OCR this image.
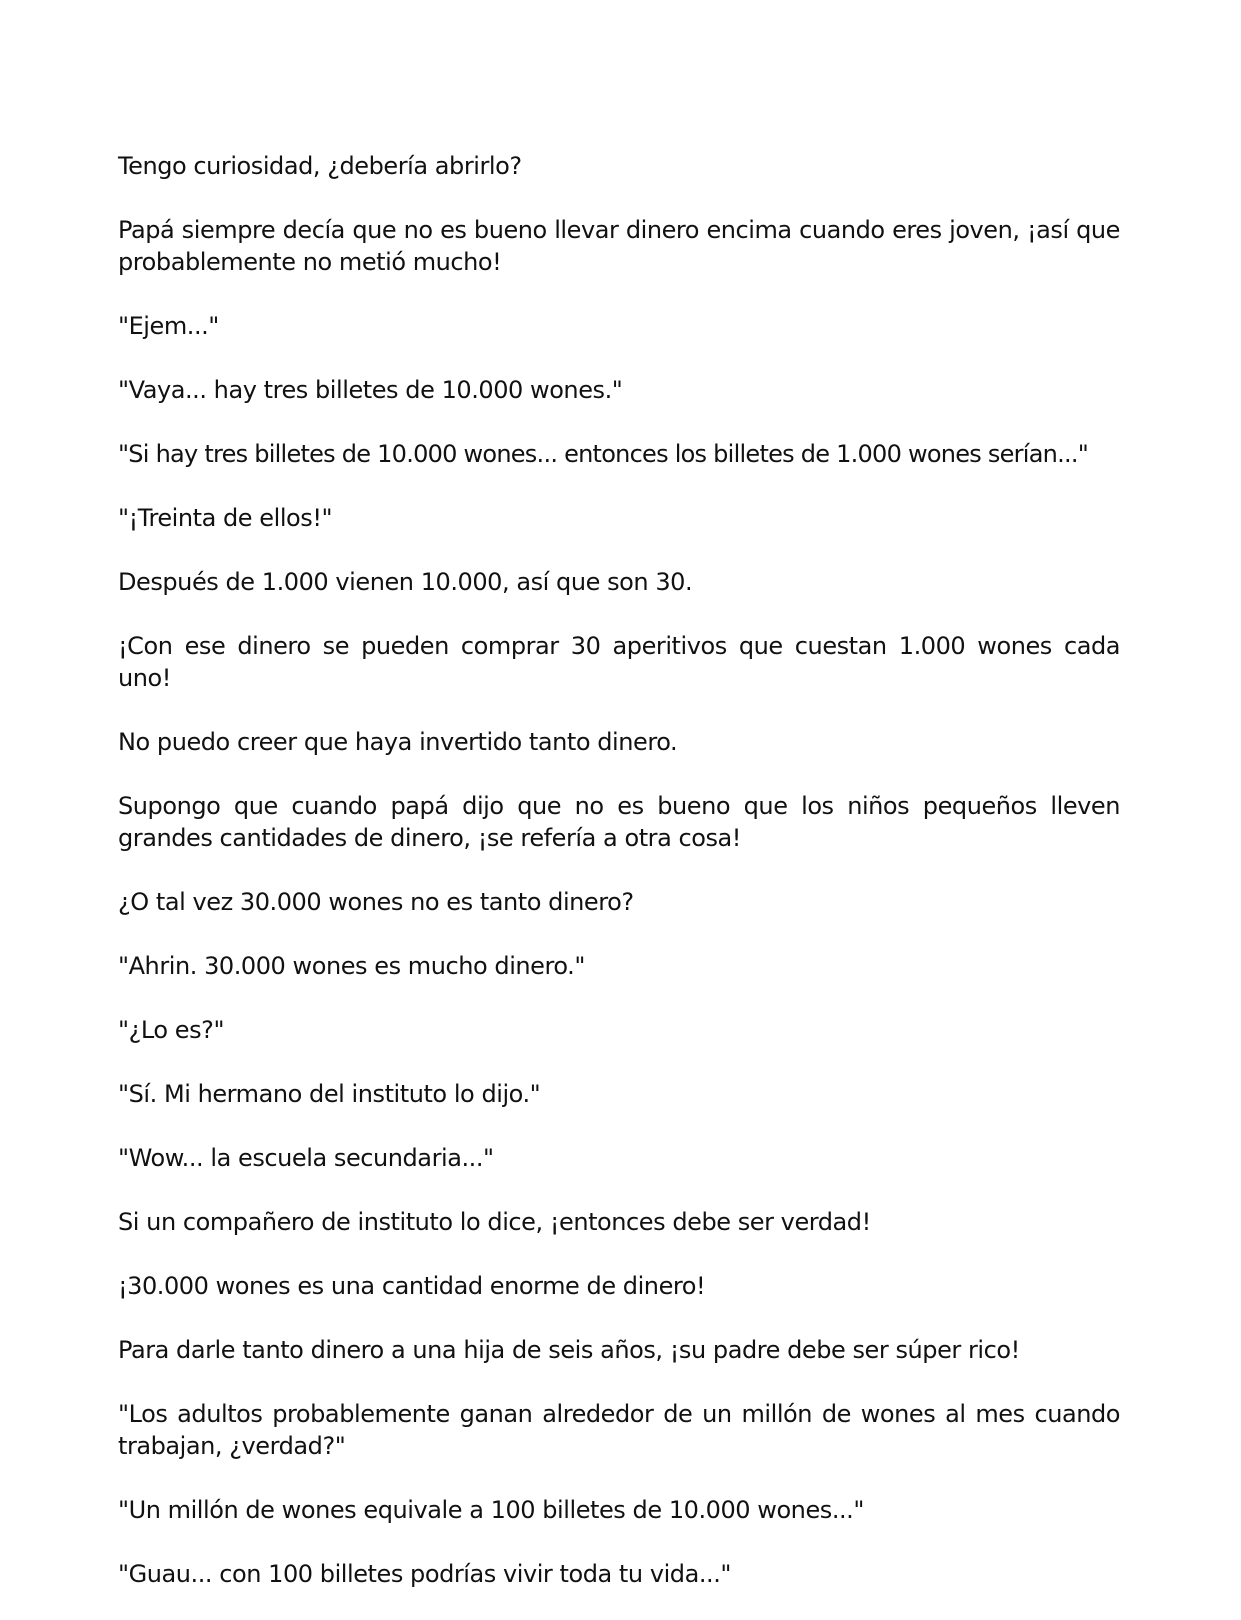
Tengo curiosidad, ¿debería abrirlo?

Papá siempre decía que no es bueno llevar dinero encima cuando eres joven, ¡así que probablemente no metió mucho!

"Ejem..."

"Vaya... hay tres billetes de 10.000 wones."

"Si hay tres billetes de 10.000 wones... entonces los billetes de 1.000 wones serían..."

"¡Treinta de ellos!"

Después de 1.000 vienen 10.000, así que son 30.

¡Con ese dinero se pueden comprar 30 aperitivos que cuestan 1.000 wones cada uno!

No puedo creer que haya invertido tanto dinero.

Supongo que cuando papá dijo que no es bueno que los niños pequeños lleven grandes cantidades de dinero, ¡se refería a otra cosa!

¿O tal vez 30.000 wones no es tanto dinero?

"Ahrin. 30.000 wones es mucho dinero."

"¿Lo es?"

"Sí. Mi hermano del instituto lo dijo."

"Wow... la escuela secundaria..."

Si un compañero de instituto lo dice, ¡entonces debe ser verdad!

¡30.000 wones es una cantidad enorme de dinero!

Para darle tanto dinero a una hija de seis años, ¡su padre debe ser súper rico!

"Los adultos probablemente ganan alrededor de un millón de wones al mes cuando trabajan, ¿verdad?"

"Un millón de wones equivale a 100 billetes de 10.000 wones..."

"Guau... con 100 billetes podrías vivir toda tu vida..."
